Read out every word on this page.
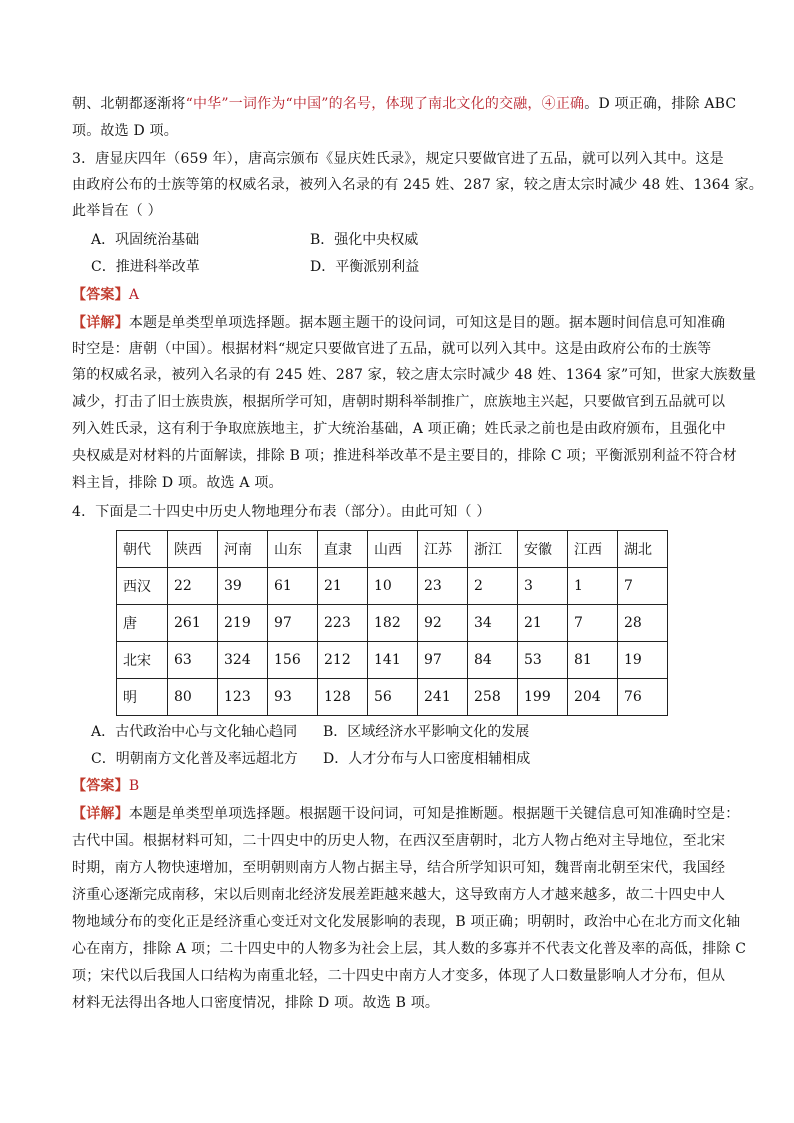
朝、北朝都逐渐将“中华”一词作为“中国”的名号，体现了南北文化的交融，④正确。D 项正确，排除 ABC
项。故选 D 项。
3．唐显庆四年（659 年），唐高宗颁布《显庆姓氏录》，规定只要做官进了五品，就可以列入其中。这是
由政府公布的士族等第的权威名录，被列入名录的有 245 姓、287 家，较之唐太宗时减少 48 姓、1364 家。
此举旨在（ ）
A．巩固统治基础	B．强化中央权威
C．推进科举改革	D．平衡派别利益
【答案】A
【详解】本题是单类型单项选择题。据本题主题干的设问词，可知这是目的题。据本题时间信息可知准确
时空是：唐朝（中国）。根据材料“规定只要做官进了五品，就可以列入其中。这是由政府公布的士族等
第的权威名录，被列入名录的有 245 姓、287 家，较之唐太宗时减少 48 姓、1364 家”可知，世家大族数量
减少，打击了旧士族贵族，根据所学可知，唐朝时期科举制推广，庶族地主兴起，只要做官到五品就可以
列入姓氏录，这有利于争取庶族地主，扩大统治基础，A 项正确；姓氏录之前也是由政府颁布，且强化中
央权威是对材料的片面解读，排除 B 项；推进科举改革不是主要目的，排除 C 项；平衡派别利益不符合材
料主旨，排除 D 项。故选 A 项。
4．下面是二十四史中历史人物地理分布表（部分）。由此可知（ ）
朝代	陕西	河南	山东	直隶	山西	江苏	浙江	安徽	江西	湖北
西汉	22	39	61	21	10	23	2	3	1	7
唐	261	219	97	223	182	92	34	21	7	28
北宋	63	324	156	212	141	97	84	53	81	19
明	80	123	93	128	56	241	258	199	204	76
A．古代政治中心与文化轴心趋同 B．区域经济水平影响文化的发展
C．明朝南方文化普及率远超北方 D．人才分布与人口密度相辅相成
【答案】B
【详解】本题是单类型单项选择题。根据题干设问词，可知是推断题。根据题干关键信息可知准确时空是：
古代中国。根据材料可知，二十四史中的历史人物，在西汉至唐朝时，北方人物占绝对主导地位，至北宋
时期，南方人物快速增加，至明朝则南方人物占据主导，结合所学知识可知，魏晋南北朝至宋代，我国经
济重心逐渐完成南移，宋以后则南北经济发展差距越来越大，这导致南方人才越来越多，故二十四史中人
物地域分布的变化正是经济重心变迁对文化发展影响的表现，B 项正确；明朝时，政治中心在北方而文化轴
心在南方，排除 A 项；二十四史中的人物多为社会上层，其人数的多寡并不代表文化普及率的高低，排除 C
项；宋代以后我国人口结构为南重北轻，二十四史中南方人才变多，体现了人口数量影响人才分布，但从
材料无法得出各地人口密度情况，排除 D 项。故选 B 项。
